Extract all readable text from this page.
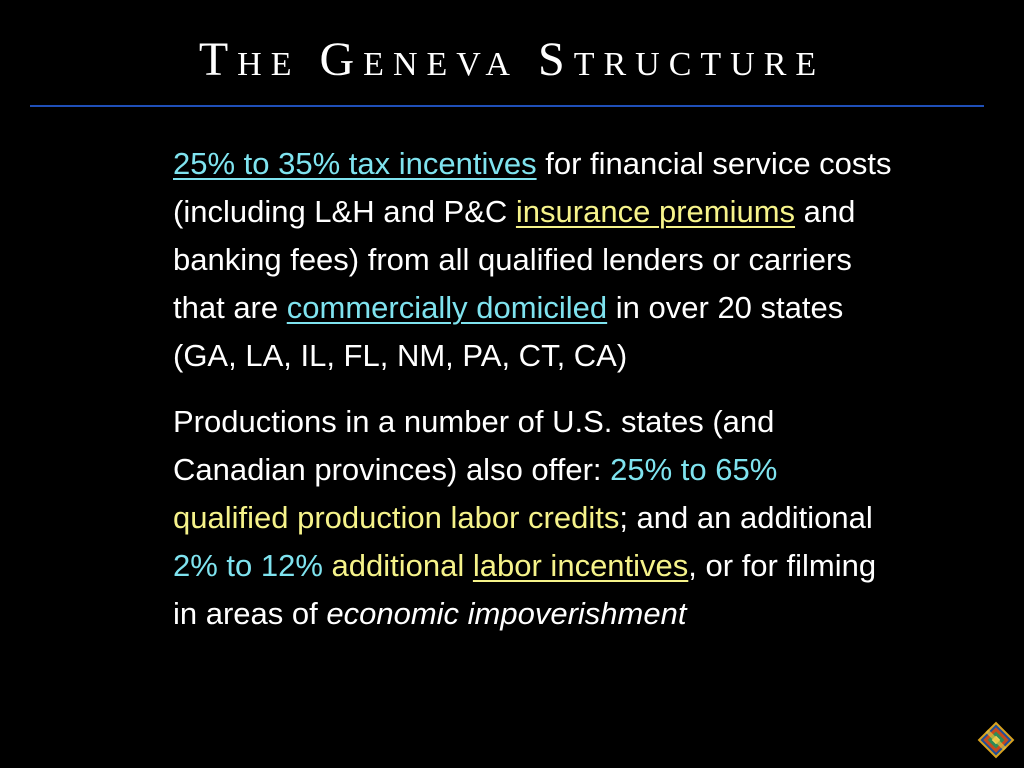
THE GENEVA STRUCTURE

25% to 35% tax incentives for financial service costs (including L&H and P&C insurance premiums and banking fees) from all qualified lenders or carriers that are commercially domiciled in over 20 states (GA, LA, IL, FL, NM, PA, CT, CA)

Productions in a number of U.S. states (and Canadian provinces) also offer: 25% to 65% qualified production labor credits; and an additional 2% to 12% additional labor incentives, or for filming in areas of economic impoverishment
